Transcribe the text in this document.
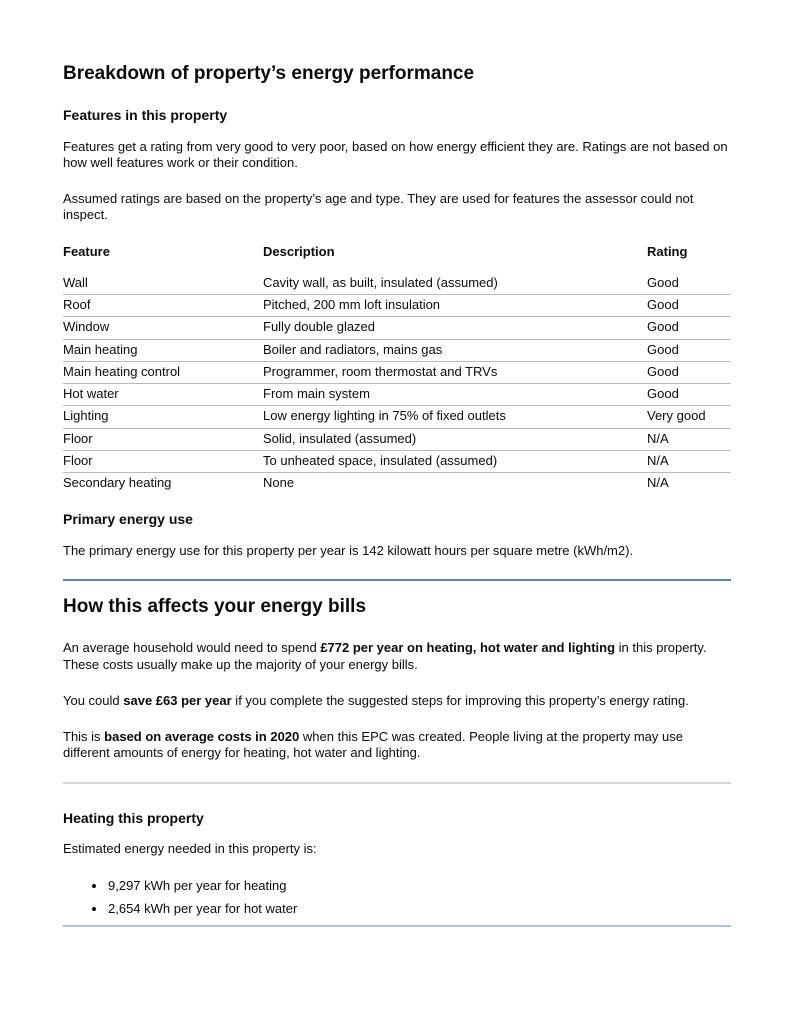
Breakdown of property’s energy performance
Features in this property

Features get a rating from very good to very poor, based on how energy efficient they are. Ratings are not based on how well features work or their condition.

Assumed ratings are based on the property’s age and type. They are used for features the assessor could not inspect.

Feature	Description	Rating
Wall	Cavity wall, as built, insulated (assumed)	Good
Roof	Pitched, 200 mm loft insulation	Good
Window	Fully double glazed	Good
Main heating	Boiler and radiators, mains gas	Good
Main heating control	Programmer, room thermostat and TRVs	Good
Hot water	From main system	Good
Lighting	Low energy lighting in 75% of fixed outlets	Very good
Floor	Solid, insulated (assumed)	N/A
Floor	To unheated space, insulated (assumed)	N/A
Secondary heating	None	N/A
Primary energy use

The primary energy use for this property per year is 142 kilowatt hours per square metre (kWh/m2).

How this affects your energy bills

An average household would need to spend £772 per year on heating, hot water and lighting in this property. These costs usually make up the majority of your energy bills.

You could save £63 per year if you complete the suggested steps for improving this property’s energy rating.

This is based on average costs in 2020 when this EPC was created. People living at the property may use different amounts of energy for heating, hot water and lighting.

Heating this property

Estimated energy needed in this property is:

• 9,297 kWh per year for heating
• 2,654 kWh per year for hot water
